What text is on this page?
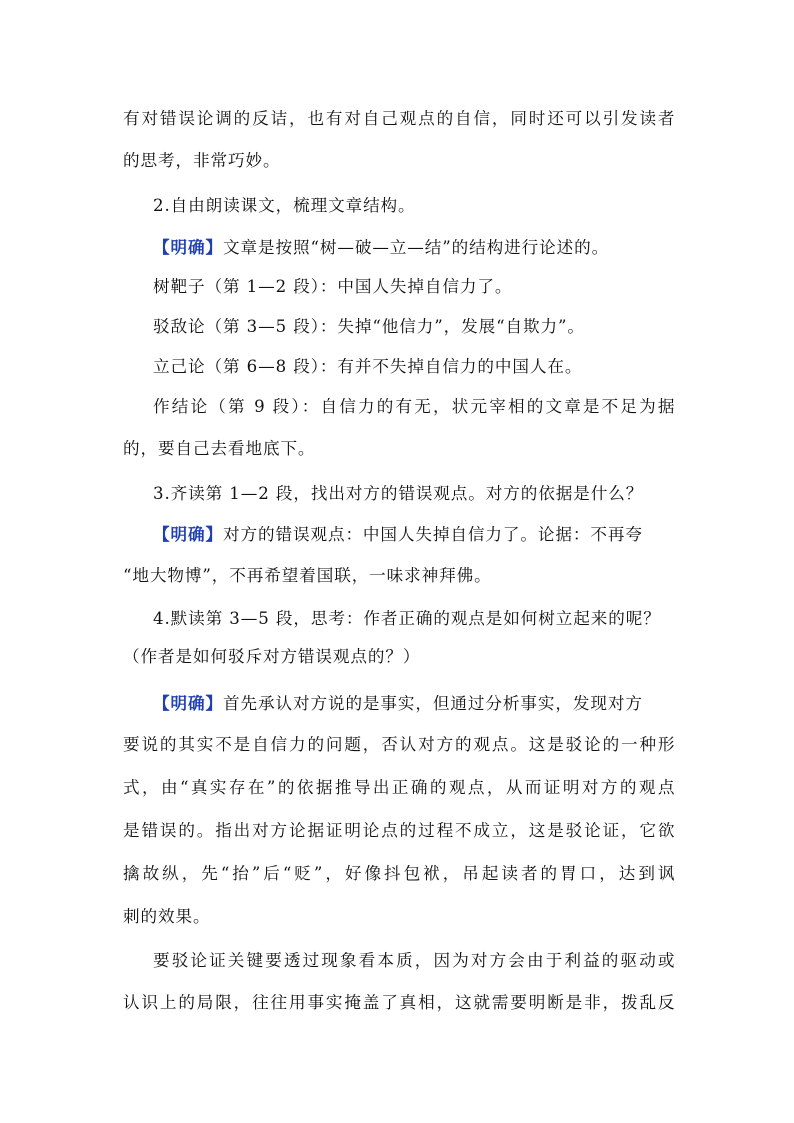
有对错误论调的反诘，也有对自己观点的自信，同时还可以引发读者
的思考，非常巧妙。
2.自由朗读课文，梳理文章结构。
【明确】文章是按照“树—破—立—结”的结构进行论述的。
树靶子（第 1—2 段）：中国人失掉自信力了。
驳敌论（第 3—5 段）：失掉“他信力”，发展“自欺力”。
立己论（第 6—8 段）：有并不失掉自信力的中国人在。
作结论（第 9 段）：自信力的有无，状元宰相的文章是不足为据
的，要自己去看地底下。
3.齐读第 1—2 段，找出对方的错误观点。对方的依据是什么？
【明确】对方的错误观点：中国人失掉自信力了。论据：不再夸
“地大物博”，不再希望着国联，一味求神拜佛。
4.默读第 3—5 段，思考：作者正确的观点是如何树立起来的呢？
（作者是如何驳斥对方错误观点的？）
【明确】首先承认对方说的是事实，但通过分析事实，发现对方
要说的其实不是自信力的问题，否认对方的观点。这是驳论的一种形
式，由“真实存在”的依据推导出正确的观点，从而证明对方的观点
是错误的。指出对方论据证明论点的过程不成立，这是驳论证，它欲
擒故纵，先“抬”后“贬”，好像抖包袱，吊起读者的胃口，达到讽
刺的效果。
要驳论证关键要透过现象看本质，因为对方会由于利益的驱动或
认识上的局限，往往用事实掩盖了真相，这就需要明断是非，拨乱反
